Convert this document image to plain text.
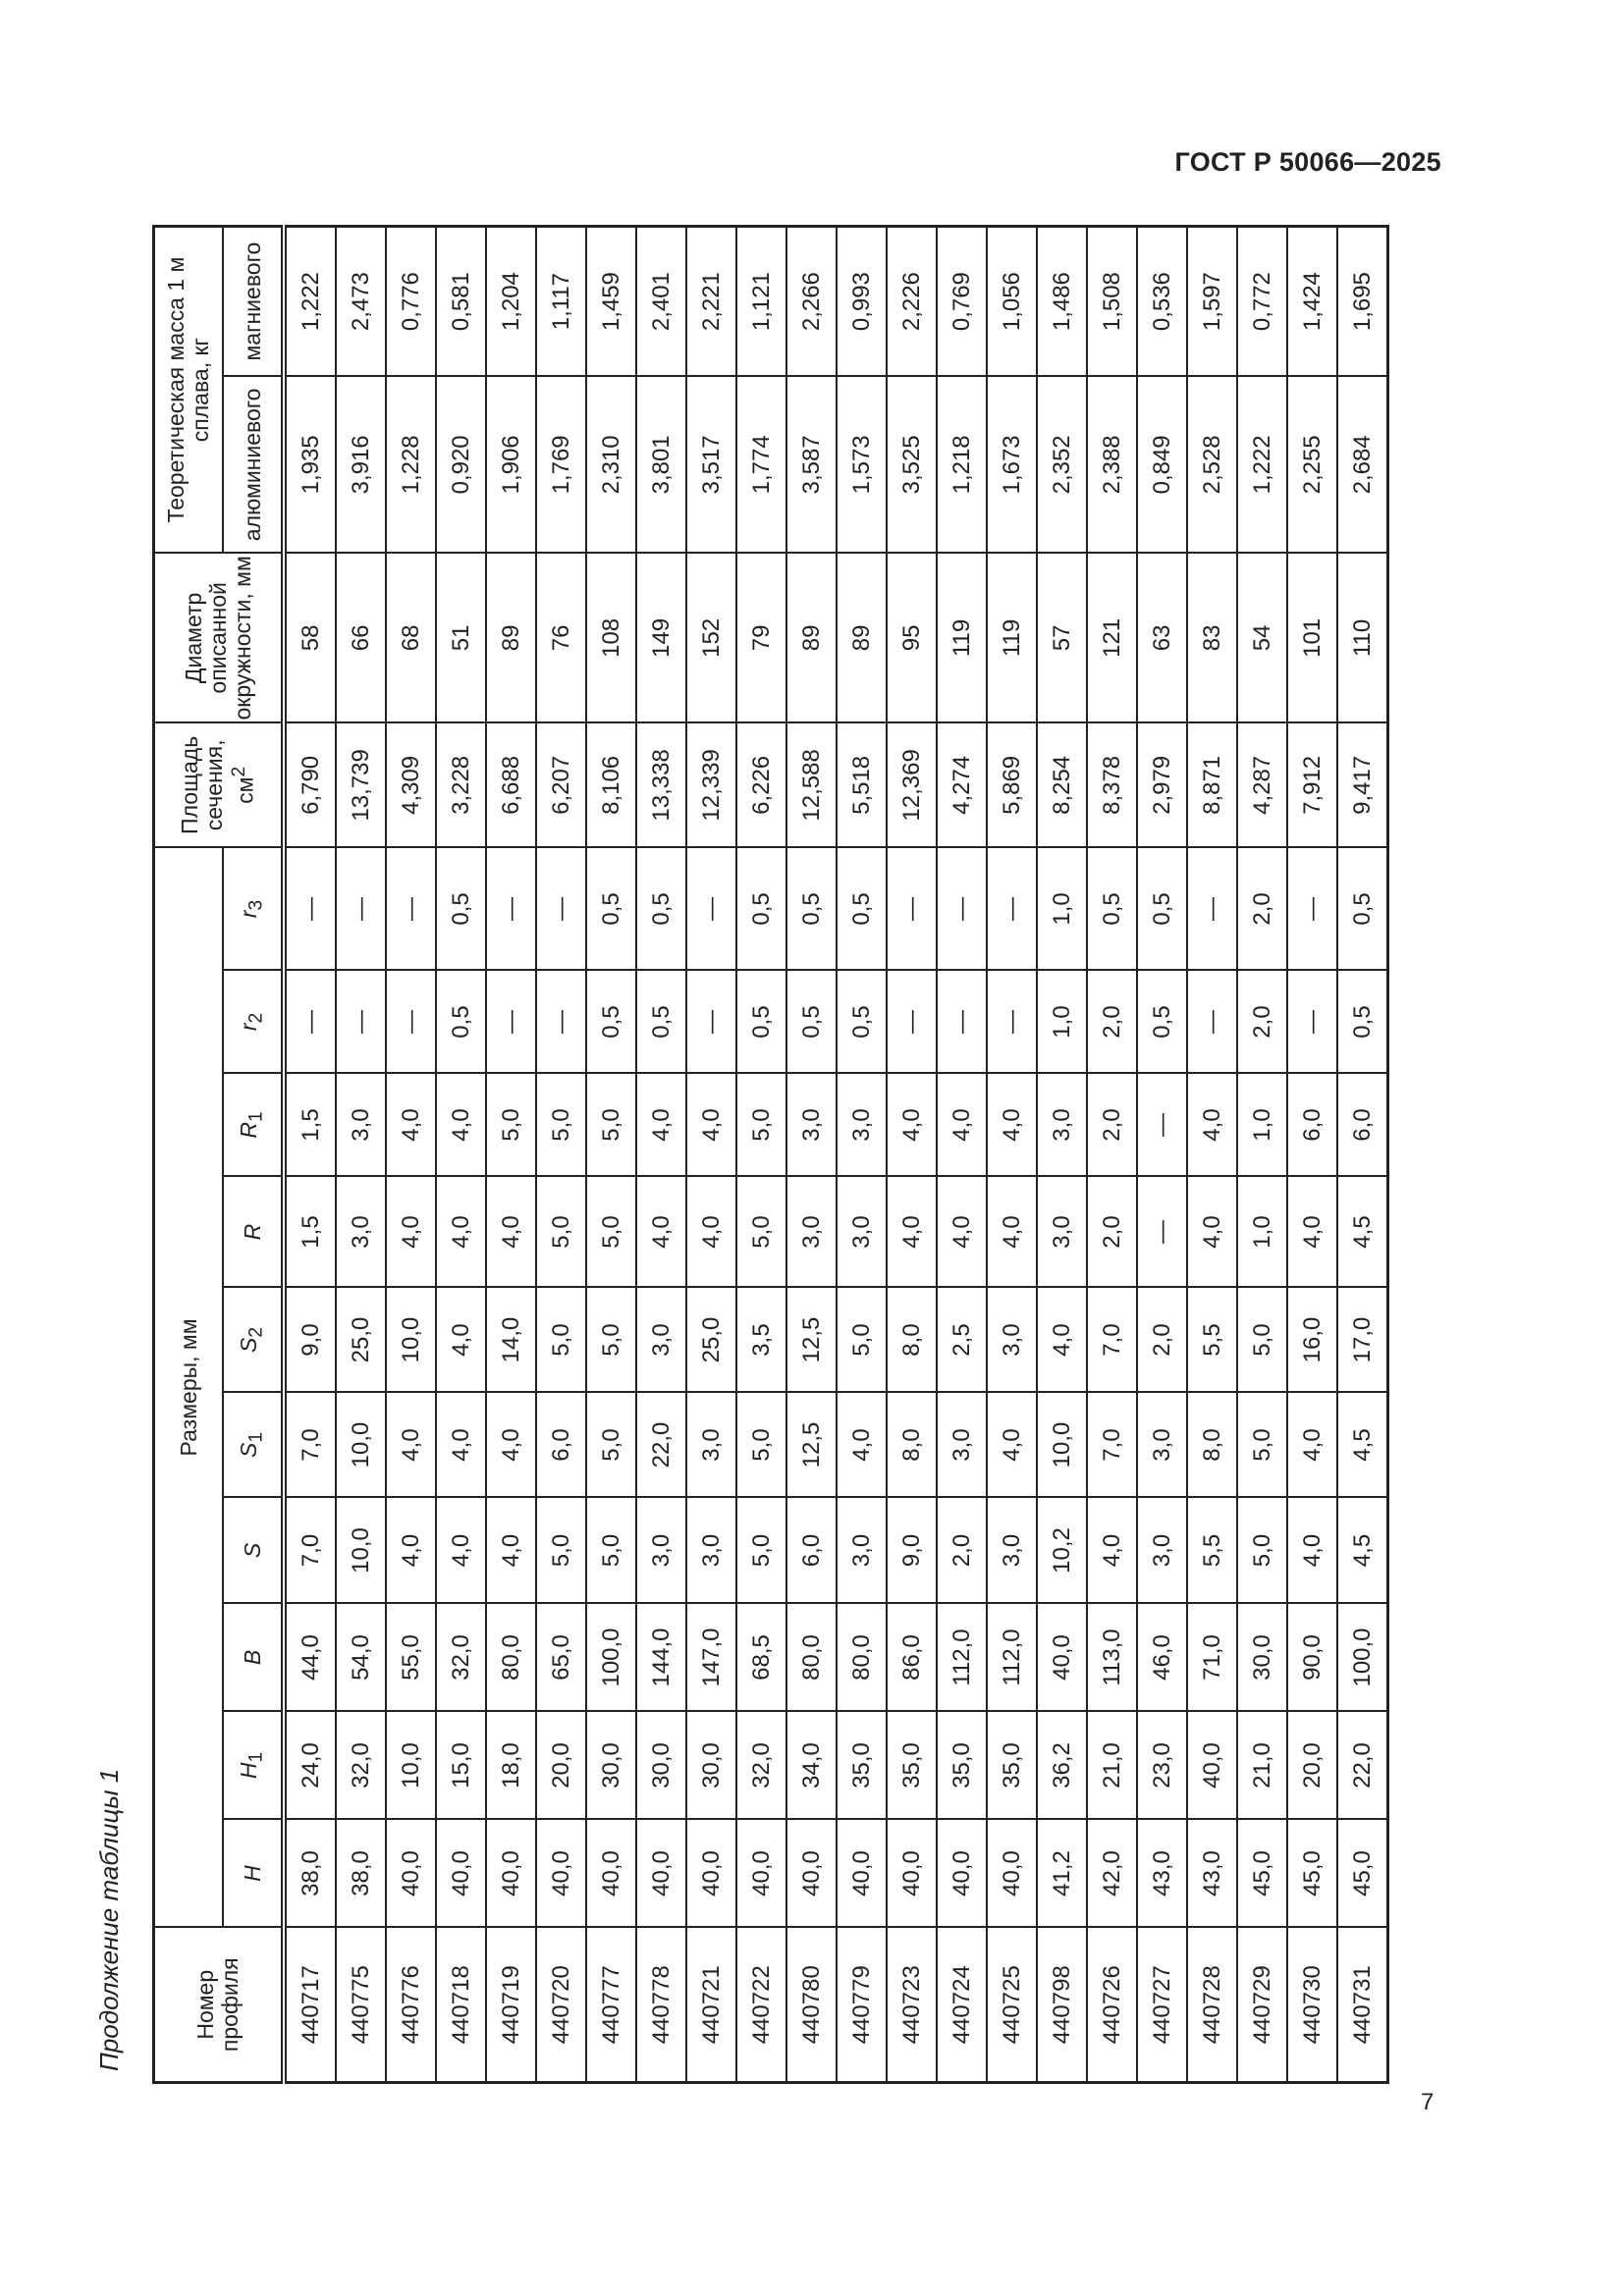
ГОСТ Р 50066—2025
Продолжение таблицы 1	Номер профиля	Размеры, мм										Площадь сечения, $см^2$	Диаметр описанной окружности, мм	Теоретическая масса 1 м сплава, кг	
	H	$H_1$	B	S	$S_1$	$S_2$	R	$R_1$	$r_2$	$r_3$			алюминиевого	магниевого
440717	38,0	24,0	44,0	7,0	7,0	9,0	1,5	1,5	—	—	6,790	58	1,935	1,222
440775	38,0	32,0	54,0	10,0	10,0	25,0	3,0	3,0	—	—	13,739	66	3,916	2,473
440776	40,0	10,0	55,0	4,0	4,0	10,0	4,0	4,0	—	—	4,309	68	1,228	0,776
440718	40,0	15,0	32,0	4,0	4,0	4,0	4,0	4,0	0,5	0,5	3,228	51	0,920	0,581
440719	40,0	18,0	80,0	4,0	4,0	14,0	4,0	5,0	—	—	6,688	89	1,906	1,204
440720	40,0	20,0	65,0	5,0	6,0	5,0	5,0	5,0	—	—	6,207	76	1,769	1,117
440777	40,0	30,0	100,0	5,0	5,0	5,0	5,0	5,0	0,5	0,5	8,106	108	2,310	1,459
440778	40,0	30,0	144,0	3,0	22,0	3,0	4,0	4,0	0,5	0,5	13,338	149	3,801	2,401
440721	40,0	30,0	147,0	3,0	3,0	25,0	4,0	4,0	—	—	12,339	152	3,517	2,221
440722	40,0	32,0	68,5	5,0	5,0	3,5	5,0	5,0	0,5	0,5	6,226	79	1,774	1,121
440780	40,0	34,0	80,0	6,0	12,5	12,5	3,0	3,0	0,5	0,5	12,588	89	3,587	2,266
440779	40,0	35,0	80,0	3,0	4,0	5,0	3,0	3,0	0,5	0,5	5,518	89	1,573	0,993
440723	40,0	35,0	86,0	9,0	8,0	8,0	4,0	4,0	—	—	12,369	95	3,525	2,226
440724	40,0	35,0	112,0	2,0	3,0	2,5	4,0	4,0	—	—	4,274	119	1,218	0,769
440725	40,0	35,0	112,0	3,0	4,0	3,0	4,0	4,0	—	—	5,869	119	1,673	1,056
440798	41,2	36,2	40,0	10,2	10,0	4,0	3,0	3,0	1,0	1,0	8,254	57	2,352	1,486
440726	42,0	21,0	113,0	4,0	7,0	7,0	2,0	2,0	2,0	0,5	8,378	121	2,388	1,508
440727	43,0	23,0	46,0	3,0	3,0	2,0	—	—	0,5	0,5	2,979	63	0,849	0,536
440728	43,0	40,0	71,0	5,5	8,0	5,5	4,0	4,0	—	—	8,871	83	2,528	1,597
440729	45,0	21,0	30,0	5,0	5,0	5,0	1,0	1,0	2,0	2,0	4,287	54	1,222	0,772
440730	45,0	20,0	90,0	4,0	4,0	16,0	4,0	6,0	—	—	7,912	101	2,255	1,424
440731	45,0	22,0	100,0	4,5	4,5	17,0	4,5	6,0	0,5	0,5	9,417	110	2,684	1,695
7
